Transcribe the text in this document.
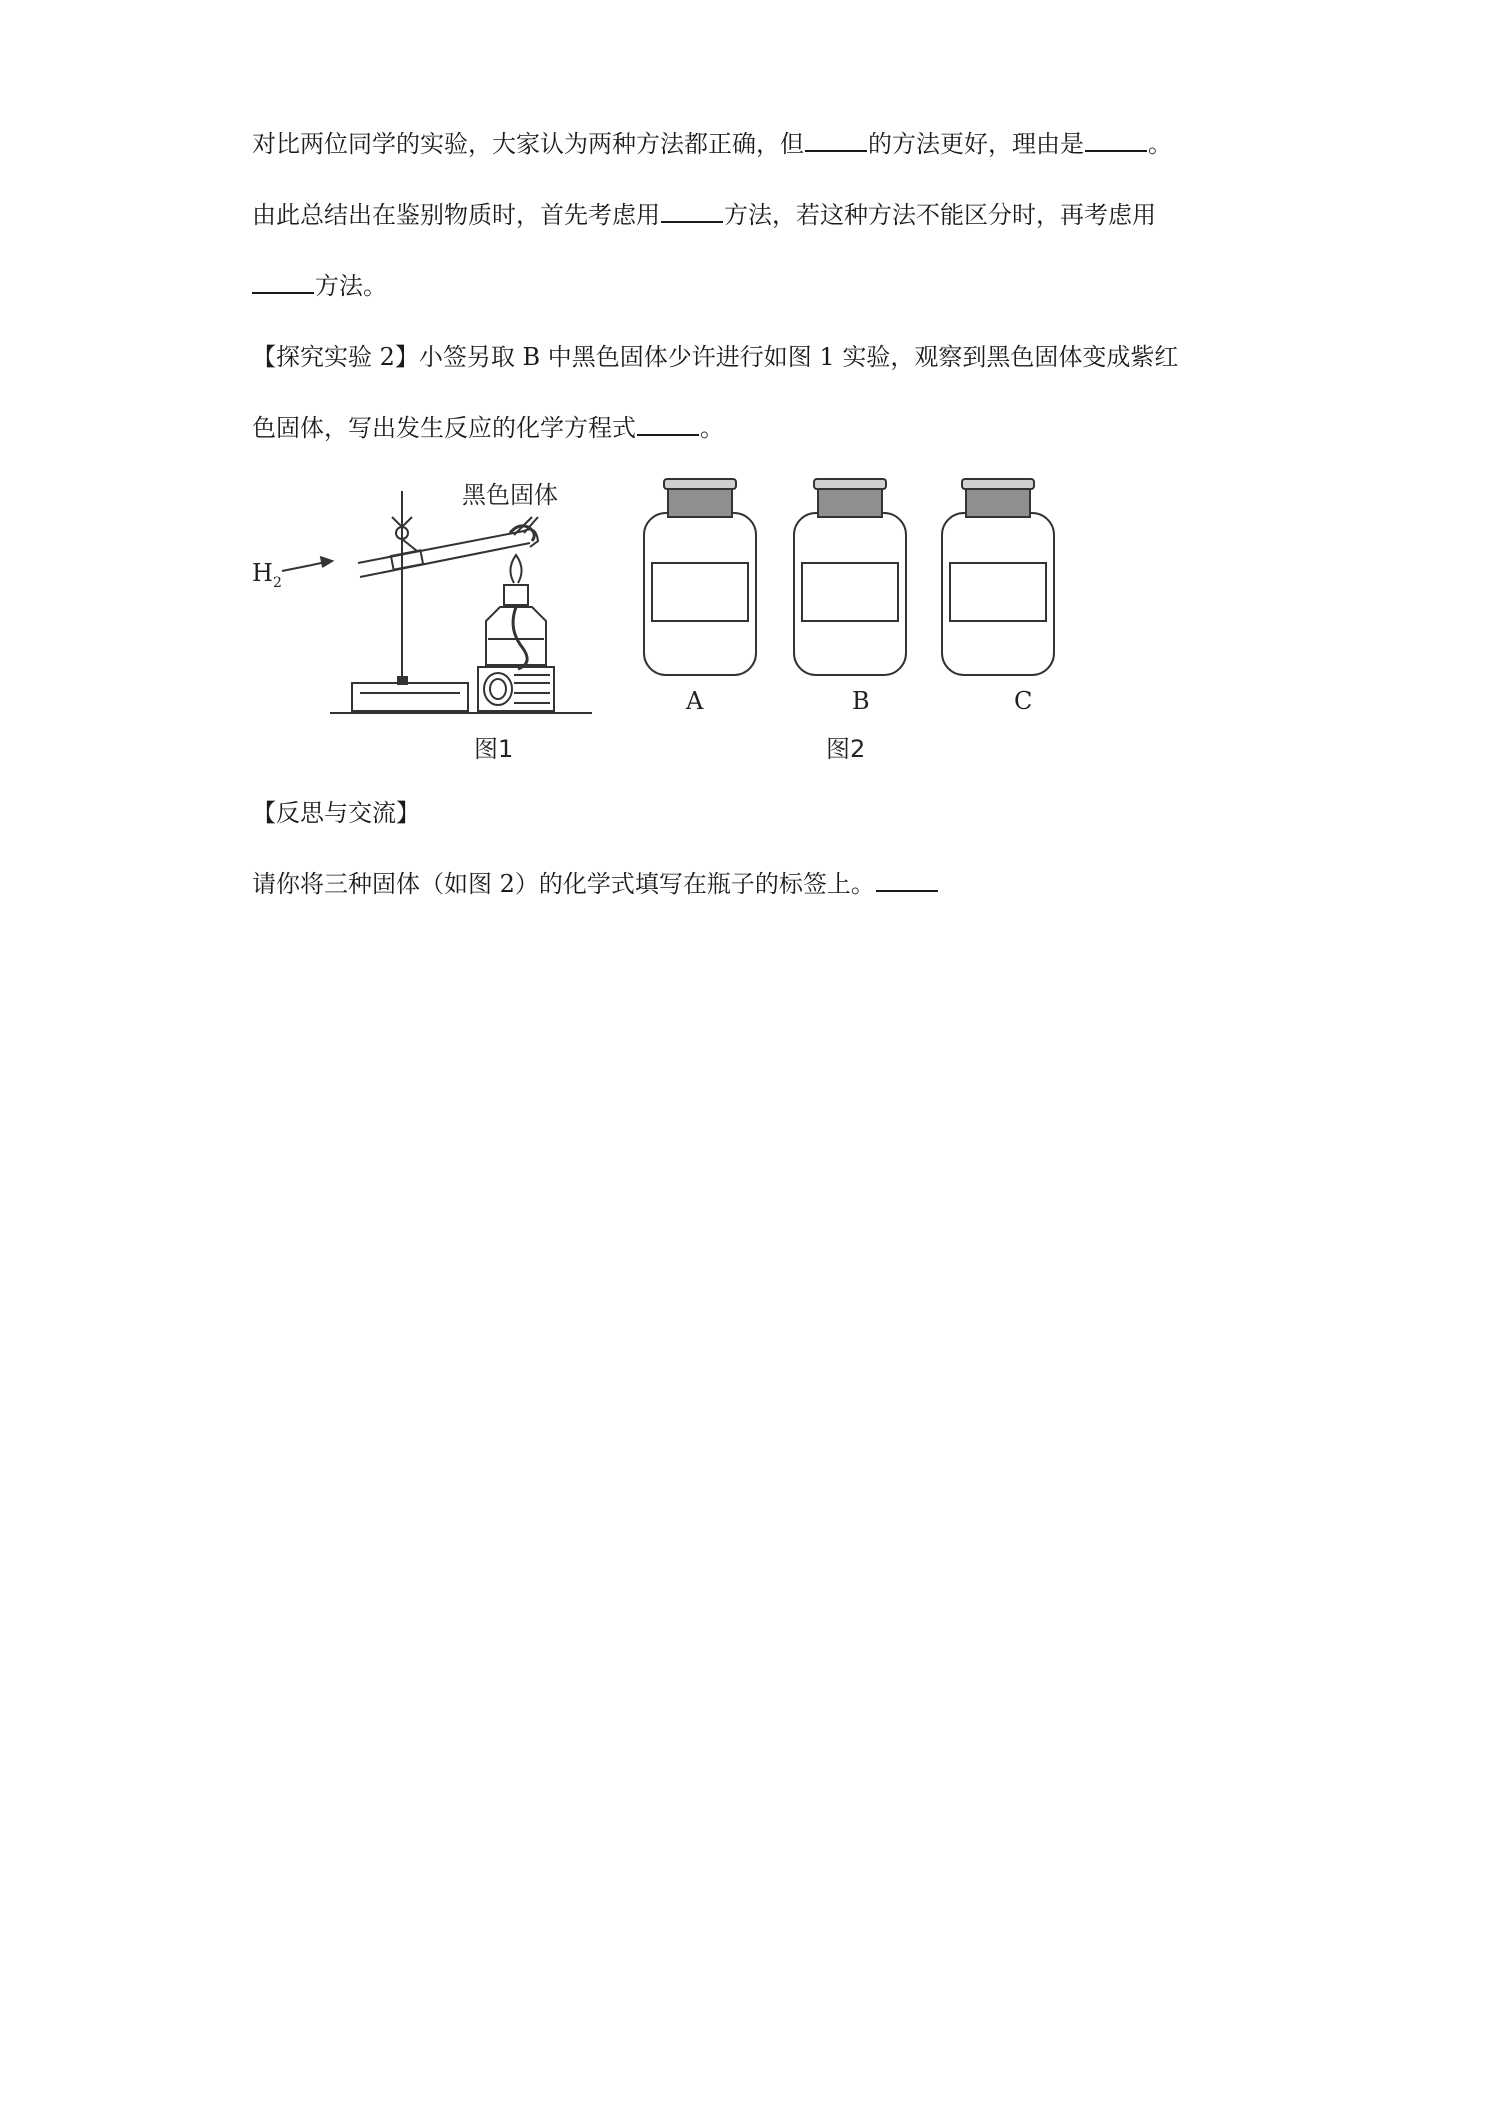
对比两位同学的实验，大家认为两种方法都正确，但	的方法更好，理由是	。
由此总结出在鉴别物质时，首先考虑用	方法，若这种方法不能区分时，再考虑用
方法。
【探究实验 2】小签另取 B 中黑色固体少许进行如图 1 实验，观察到黑色固体变成紫红
色固体，写出发生反应的化学方程式	。
$H_2$
黑色固体
图1	图2
A	B	C
【反思与交流】
请你将三种固体（如图 2）的化学式填写在瓶子的标签上。
